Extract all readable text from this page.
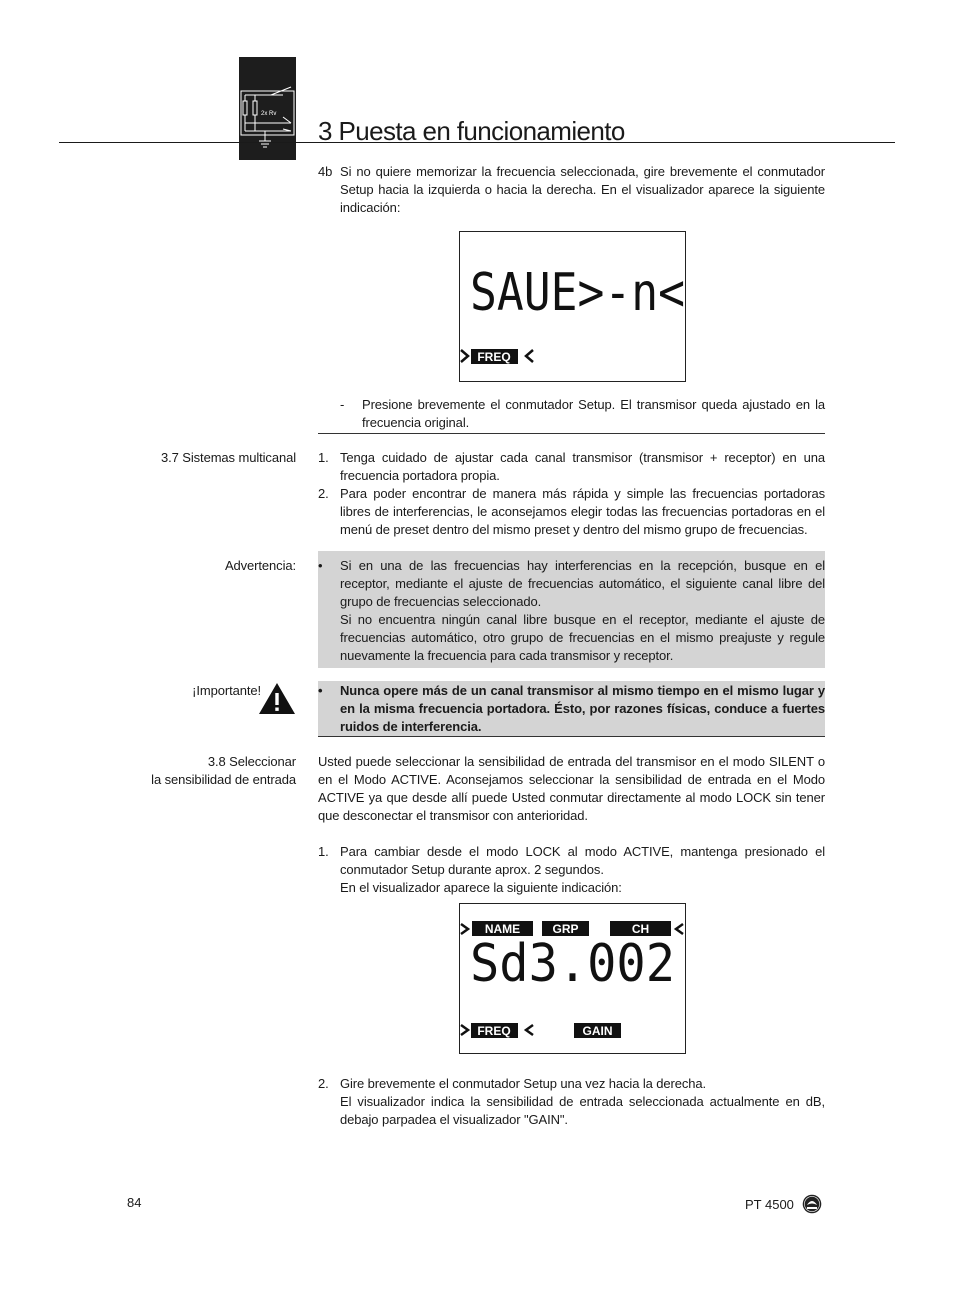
2x Rv
3 Puesta en funcionamiento
4b Si no quiere memorizar la frecuencia seleccionada, gire brevemente el conmutador Setup hacia la izquierda o hacia la derecha. En el visualizador aparece la siguiente indicación:
SAUE>-n<
FREQ
- Presione brevemente el conmutador Setup. El transmisor queda ajustado en la frecuencia original.
3.7 Sistemas multicanal 1. Tenga cuidado de ajustar cada canal transmisor (transmisor + receptor) en una frecuencia portadora propia.
2. Para poder encontrar de manera más rápida y simple las frecuencias portadoras libres de interferencias, le aconsejamos elegir todas las frecuencias portadoras en el menú de preset dentro del mismo preset y dentro del mismo grupo de frecuencias.
Advertencia: • Si en una de las frecuencias hay interferencias en la recepción, busque en el receptor, mediante el ajuste de frecuencias automático, el siguiente canal libre del grupo de frecuencias seleccionado.
Si no encuentra ningún canal libre busque en el receptor, mediante el ajuste de frecuencias automático, otro grupo de frecuencias en el mismo preajuste y regule nuevamente la frecuencia para cada transmisor y receptor.
¡Importante!	• Nunca opere más de un canal transmisor al mismo tiempo en el mismo lugar y en la misma frecuencia portadora. Ésto, por razones físicas, conduce a fuertes ruidos de interferencia.
3.8 Seleccionar
la sensibilidad de entrada
Usted puede seleccionar la sensibilidad de entrada del transmisor en el modo SILENT o en el Modo ACTIVE. Aconsejamos seleccionar la sensibilidad de entrada en el Modo ACTIVE ya que desde allí puede Usted conmutar directamente al modo LOCK sin tener que desconectar el transmisor con anterioridad.
1. Para cambiar desde el modo LOCK al modo ACTIVE, mantenga presionado el conmutador Setup durante aprox. 2 segundos.
En el visualizador aparece la siguiente indicación:
NAME	GRP	CH
Sd3.002
FREQ	GAIN
2. Gire brevemente el conmutador Setup una vez hacia la derecha.
El visualizador indica la sensibilidad de entrada seleccionada actualmente en dB, debajo parpadea el visualizador "GAIN".
84	PT 4500
